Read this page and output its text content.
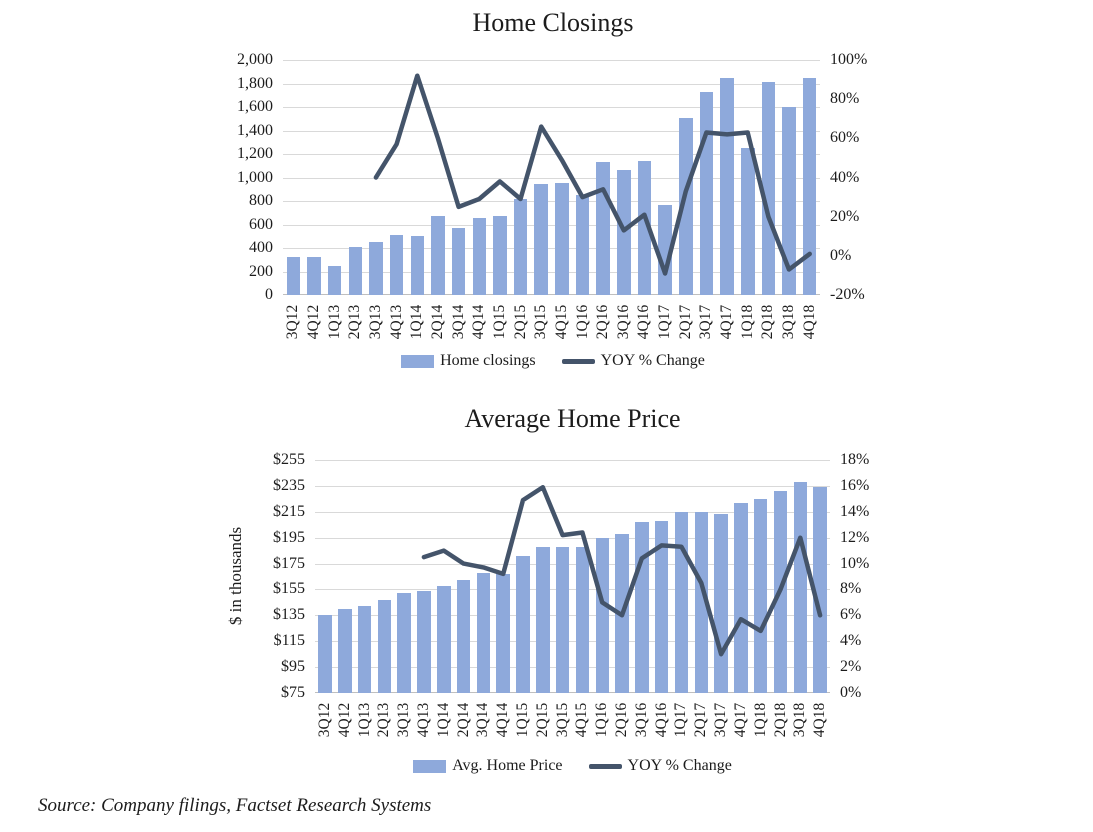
Home Closings
Home closings	YOY % Change
2,000
1,800
1,600
1,400
1,200
1,000
800
600
400
200
0
100%
80%
60%
40%
20%
0%
-20%
3Q12 4Q12 1Q13 2Q13 3Q13 4Q13 1Q14 2Q14 3Q14 4Q14 1Q15 2Q15 3Q15 4Q15 1Q16 2Q16 3Q16 4Q16 1Q17 2Q17 3Q17 4Q17 1Q18 2Q18 3Q18 4Q18
Average Home Price
$ in thousands
Avg. Home Price	YOY % Change
$255
$235
$215
$195
$175
$155
$135
$115
$95
$75
18%
16%
14%
12%
10%
8%
6%
4%
2%
0%
3Q12 4Q12 1Q13 2Q13 3Q13 4Q13 1Q14 2Q14 3Q14 4Q14 1Q15 2Q15 3Q15 4Q15 1Q16 2Q16 3Q16 4Q16 1Q17 2Q17 3Q17 4Q17 1Q18 2Q18 3Q18 4Q18
Source: Company filings, Factset Research Systems
